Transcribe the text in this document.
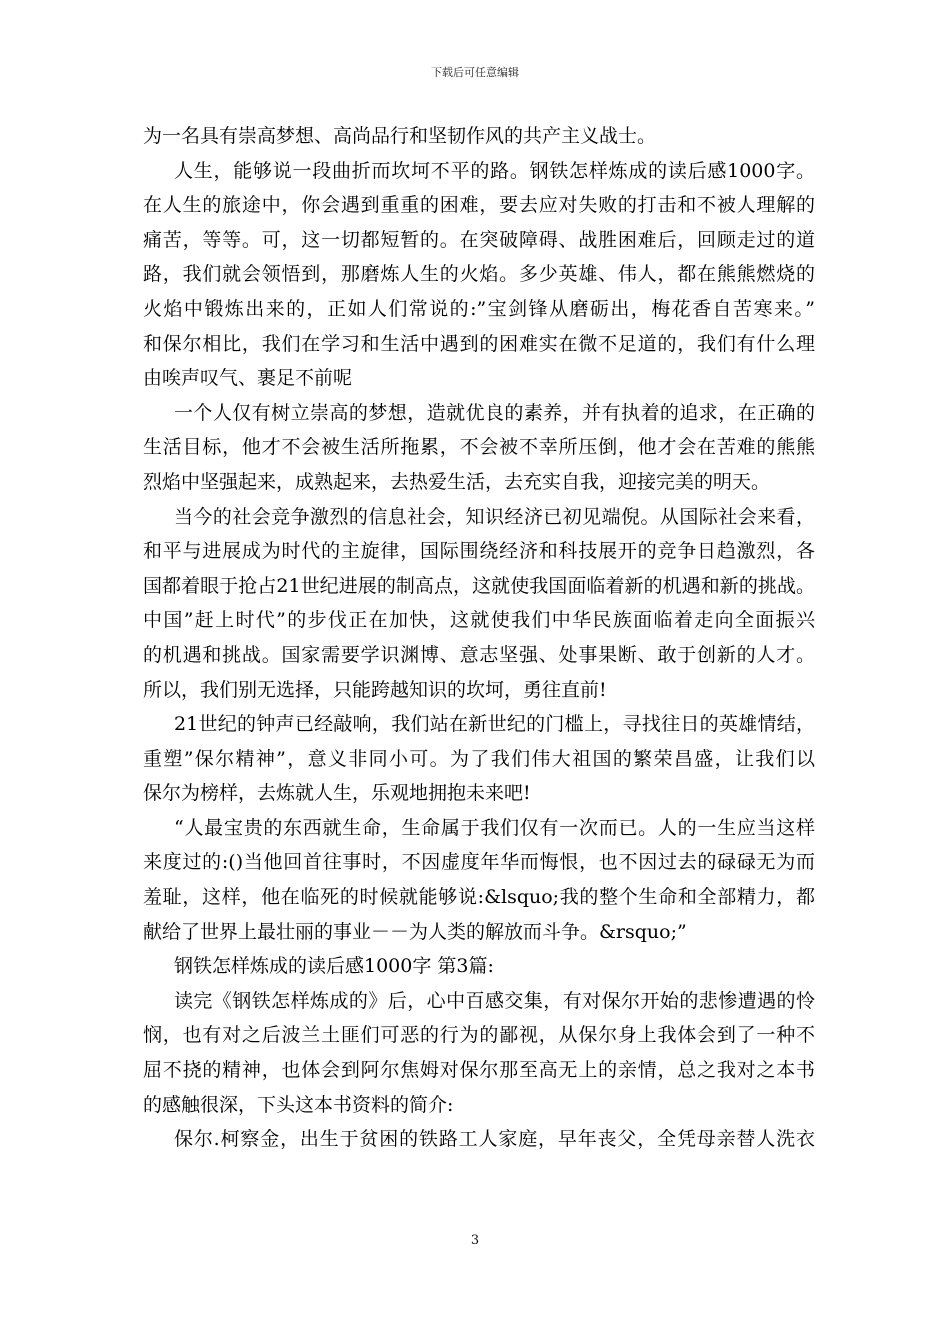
下载后可任意编辑
为一名具有崇高梦想、高尚品行和坚韧作风的共产主义战士。
人生，能够说一段曲折而坎坷不平的路。钢铁怎样炼成的读后感1000字。
在人生的旅途中，你会遇到重重的困难，要去应对失败的打击和不被人理解的
痛苦，等等。可，这一切都短暂的。在突破障碍、战胜困难后，回顾走过的道
路，我们就会领悟到，那磨炼人生的火焰。多少英雄、伟人，都在熊熊燃烧的
火焰中锻炼出来的，正如人们常说的:”宝剑锋从磨砺出，梅花香自苦寒来。”
和保尔相比，我们在学习和生活中遇到的困难实在微不足道的，我们有什么理
由唉声叹气、裹足不前呢
一个人仅有树立崇高的梦想，造就优良的素养，并有执着的追求，在正确的
生活目标，他才不会被生活所拖累，不会被不幸所压倒，他才会在苦难的熊熊
烈焰中坚强起来，成熟起来，去热爱生活，去充实自我，迎接完美的明天。
当今的社会竞争激烈的信息社会，知识经济已初见端倪。从国际社会来看，
和平与进展成为时代的主旋律，国际围绕经济和科技展开的竞争日趋激烈，各
国都着眼于抢占21世纪进展的制高点，这就使我国面临着新的机遇和新的挑战。
中国”赶上时代”的步伐正在加快，这就使我们中华民族面临着走向全面振兴
的机遇和挑战。国家需要学识渊博、意志坚强、处事果断、敢于创新的人才。
所以，我们别无选择，只能跨越知识的坎坷，勇往直前!
21世纪的钟声已经敲响，我们站在新世纪的门槛上，寻找往日的英雄情结，
重塑”保尔精神”，意义非同小可。为了我们伟大祖国的繁荣昌盛，让我们以
保尔为榜样，去炼就人生，乐观地拥抱未来吧!
“人最宝贵的东西就生命，生命属于我们仅有一次而已。人的一生应当这样
来度过的:()当他回首往事时，不因虚度年华而悔恨，也不因过去的碌碌无为而
羞耻，这样，他在临死的时候就能够说:&lsquo;我的整个生命和全部精力，都
献给了世界上最壮丽的事业－－为人类的解放而斗争。&rsquo;”
钢铁怎样炼成的读后感1000字 第3篇:
读完《钢铁怎样炼成的》后，心中百感交集，有对保尔开始的悲惨遭遇的怜
悯，也有对之后波兰土匪们可恶的行为的鄙视，从保尔身上我体会到了一种不
屈不挠的精神，也体会到阿尔焦姆对保尔那至高无上的亲情，总之我对之本书
的感触很深，下头这本书资料的简介:
保尔.柯察金，出生于贫困的铁路工人家庭，早年丧父，全凭母亲替人洗衣
3
